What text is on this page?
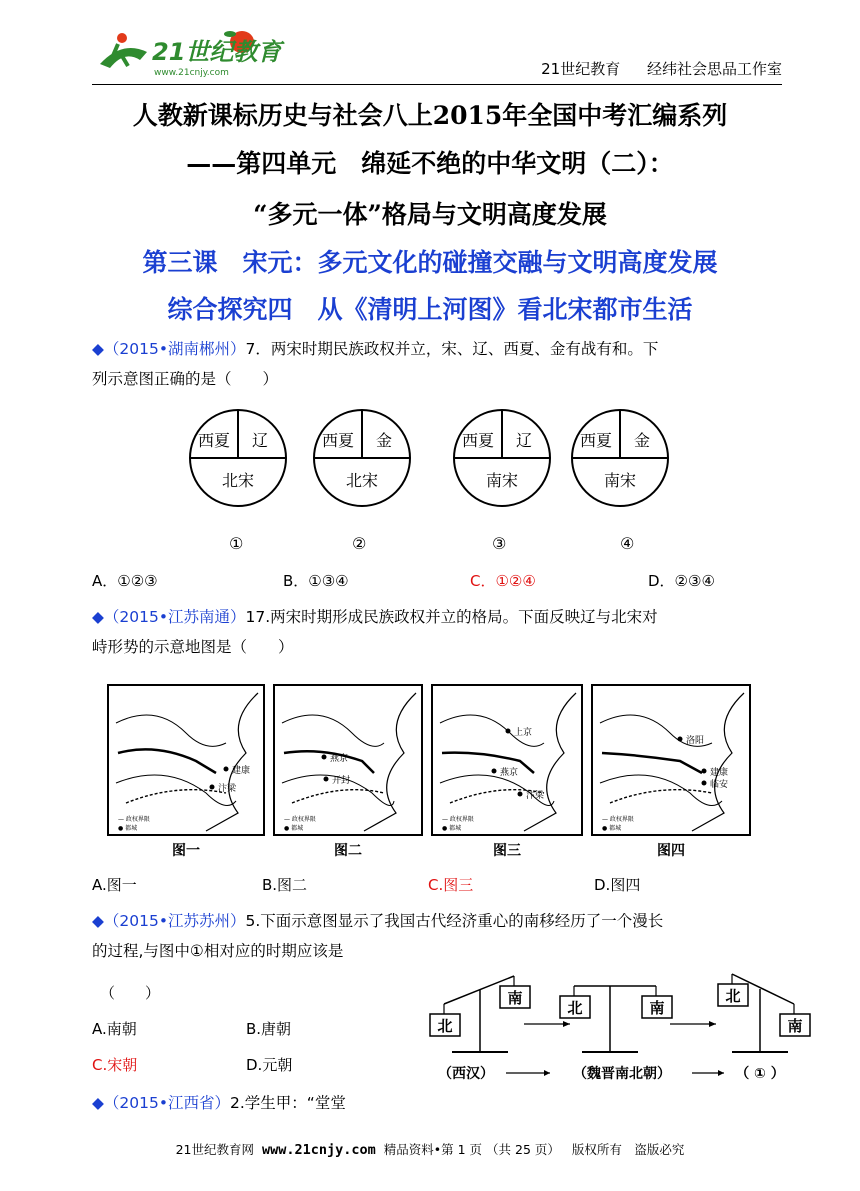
21世纪教育
www.21cnjy.com	21世纪教育 经纬社会思品工作室
人教新课标历史与社会八上2015年全国中考汇编系列
——第四单元　绵延不绝的中华文明（二）：
“多元一体”格局与文明高度发展
第三课　宋元：多元文化的碰撞交融与文明高度发展
综合探究四　从《清明上河图》看北宋都市生活
◆（2015•湖南郴州）7．两宋时期民族政权并立，宋、辽、西夏、金有战有和。下
列示意图正确的是（　　）
西夏 辽
北宋
西夏 金
北宋
西夏 辽
南宋
西夏 金
南宋
①	②	③	④
A．①②③	B．①③④	C．①②④	D．②③④
◆（2015•江苏南通）17.两宋时期形成民族政权并立的格局。下面反映辽与北宋对
峙形势的示意地图是（　　）
建康
汴梁
— 政权界限
● 都城
图一
燕京
开封
— 政权界限
● 都城
图二
上京
燕京
汴梁
— 政权界限
● 都城
图三
洛阳
建康
临安
— 政权界限
● 都城
图四
A.图一	B.图二	C.图三	D.图四
◆（2015•江苏苏州）5.下面示意图显示了我国古代经济重心的南移经历了一个漫长
的过程,与图中①相对应的时期应该是
（　　）
A.南朝	B.唐朝
C.宋朝	D.元朝
北
南
北	南
北
南
（西汉）	（魏晋南北朝）	（ ① ）
◆（2015•江西省）2.学生甲：“堂堂
21世纪教育网 www.21cnjy.com 精品资料•第 1 页 （共 25 页） 版权所有　盗版必究
